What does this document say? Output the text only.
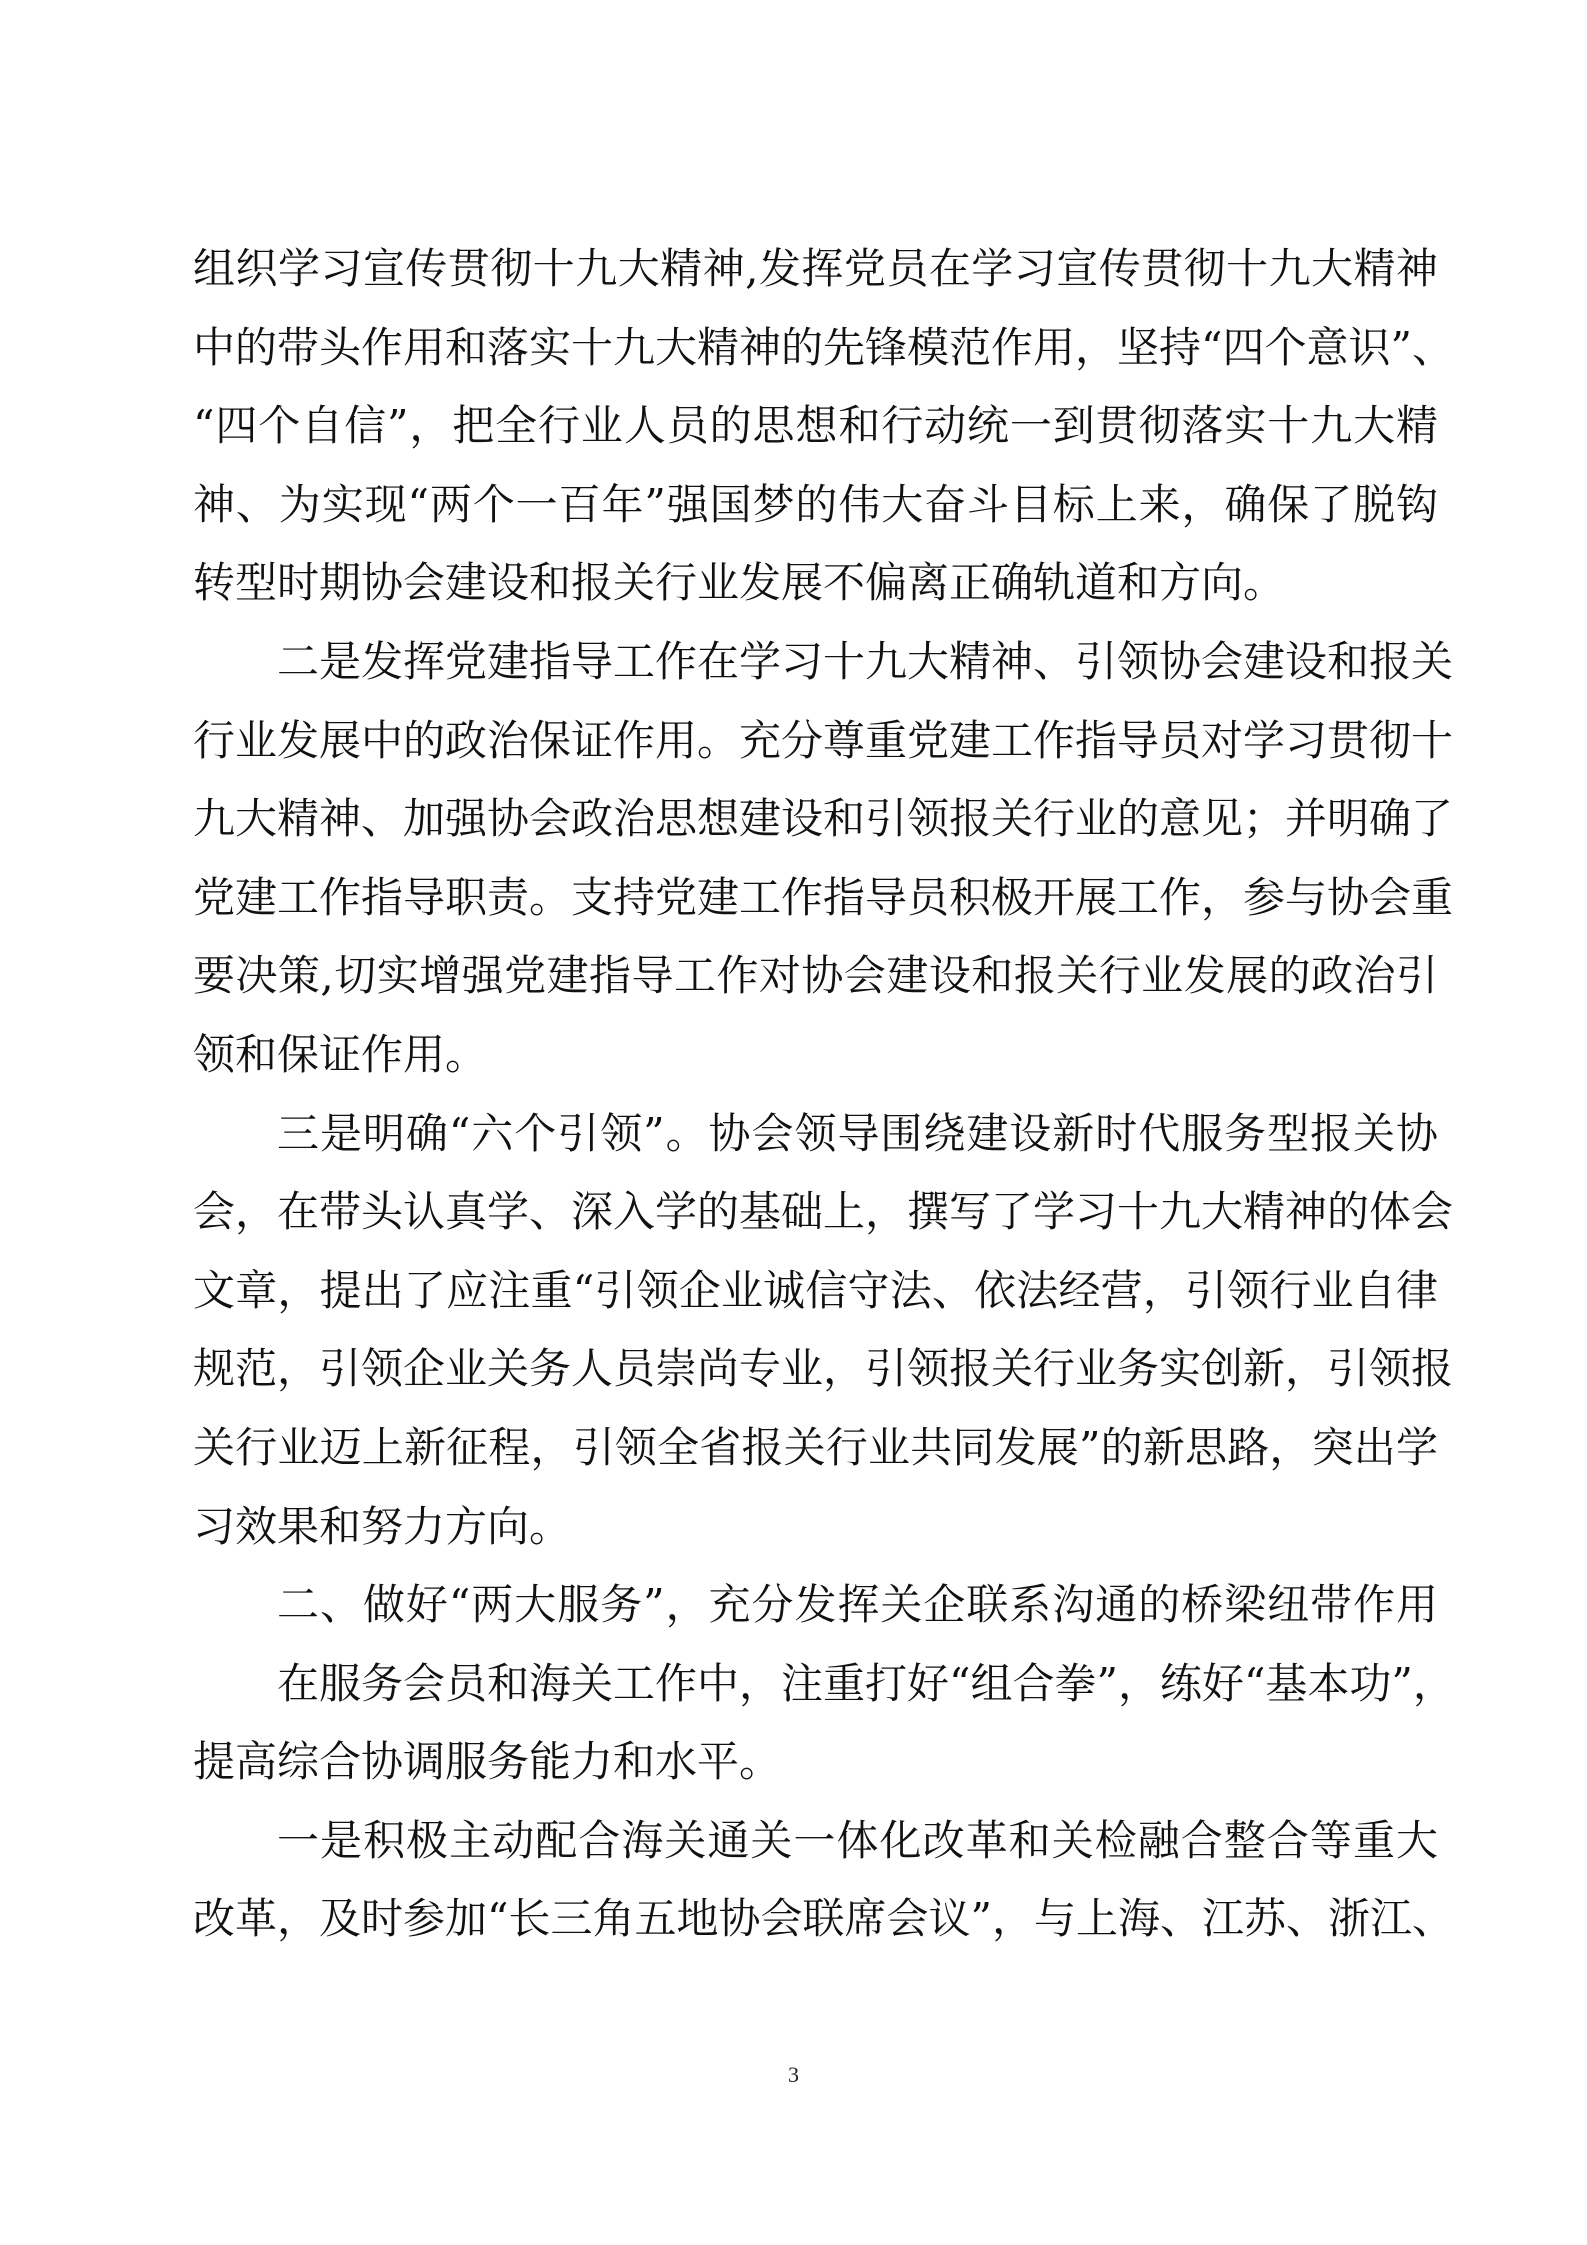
组织学习宣传贯彻十九大精神,发挥党员在学习宣传贯彻十九大精神
中的带头作用和落实十九大精神的先锋模范作用，坚持“四个意识”、
“四个自信”，把全行业人员的思想和行动统一到贯彻落实十九大精
神、为实现“两个一百年”强国梦的伟大奋斗目标上来，确保了脱钩
转型时期协会建设和报关行业发展不偏离正确轨道和方向。
二是发挥党建指导工作在学习十九大精神、引领协会建设和报关
行业发展中的政治保证作用。充分尊重党建工作指导员对学习贯彻十
九大精神、加强协会政治思想建设和引领报关行业的意见；并明确了
党建工作指导职责。支持党建工作指导员积极开展工作，参与协会重
要决策,切实增强党建指导工作对协会建设和报关行业发展的政治引
领和保证作用。
三是明确“六个引领”。协会领导围绕建设新时代服务型报关协
会，在带头认真学、深入学的基础上，撰写了学习十九大精神的体会
文章，提出了应注重“引领企业诚信守法、依法经营，引领行业自律
规范，引领企业关务人员崇尚专业，引领报关行业务实创新，引领报
关行业迈上新征程，引领全省报关行业共同发展”的新思路，突出学
习效果和努力方向。
二、做好“两大服务”，充分发挥关企联系沟通的桥梁纽带作用
在服务会员和海关工作中，注重打好“组合拳”，练好“基本功”，
提高综合协调服务能力和水平。
一是积极主动配合海关通关一体化改革和关检融合整合等重大
改革，及时参加“长三角五地协会联席会议”，与上海、江苏、浙江、
3
